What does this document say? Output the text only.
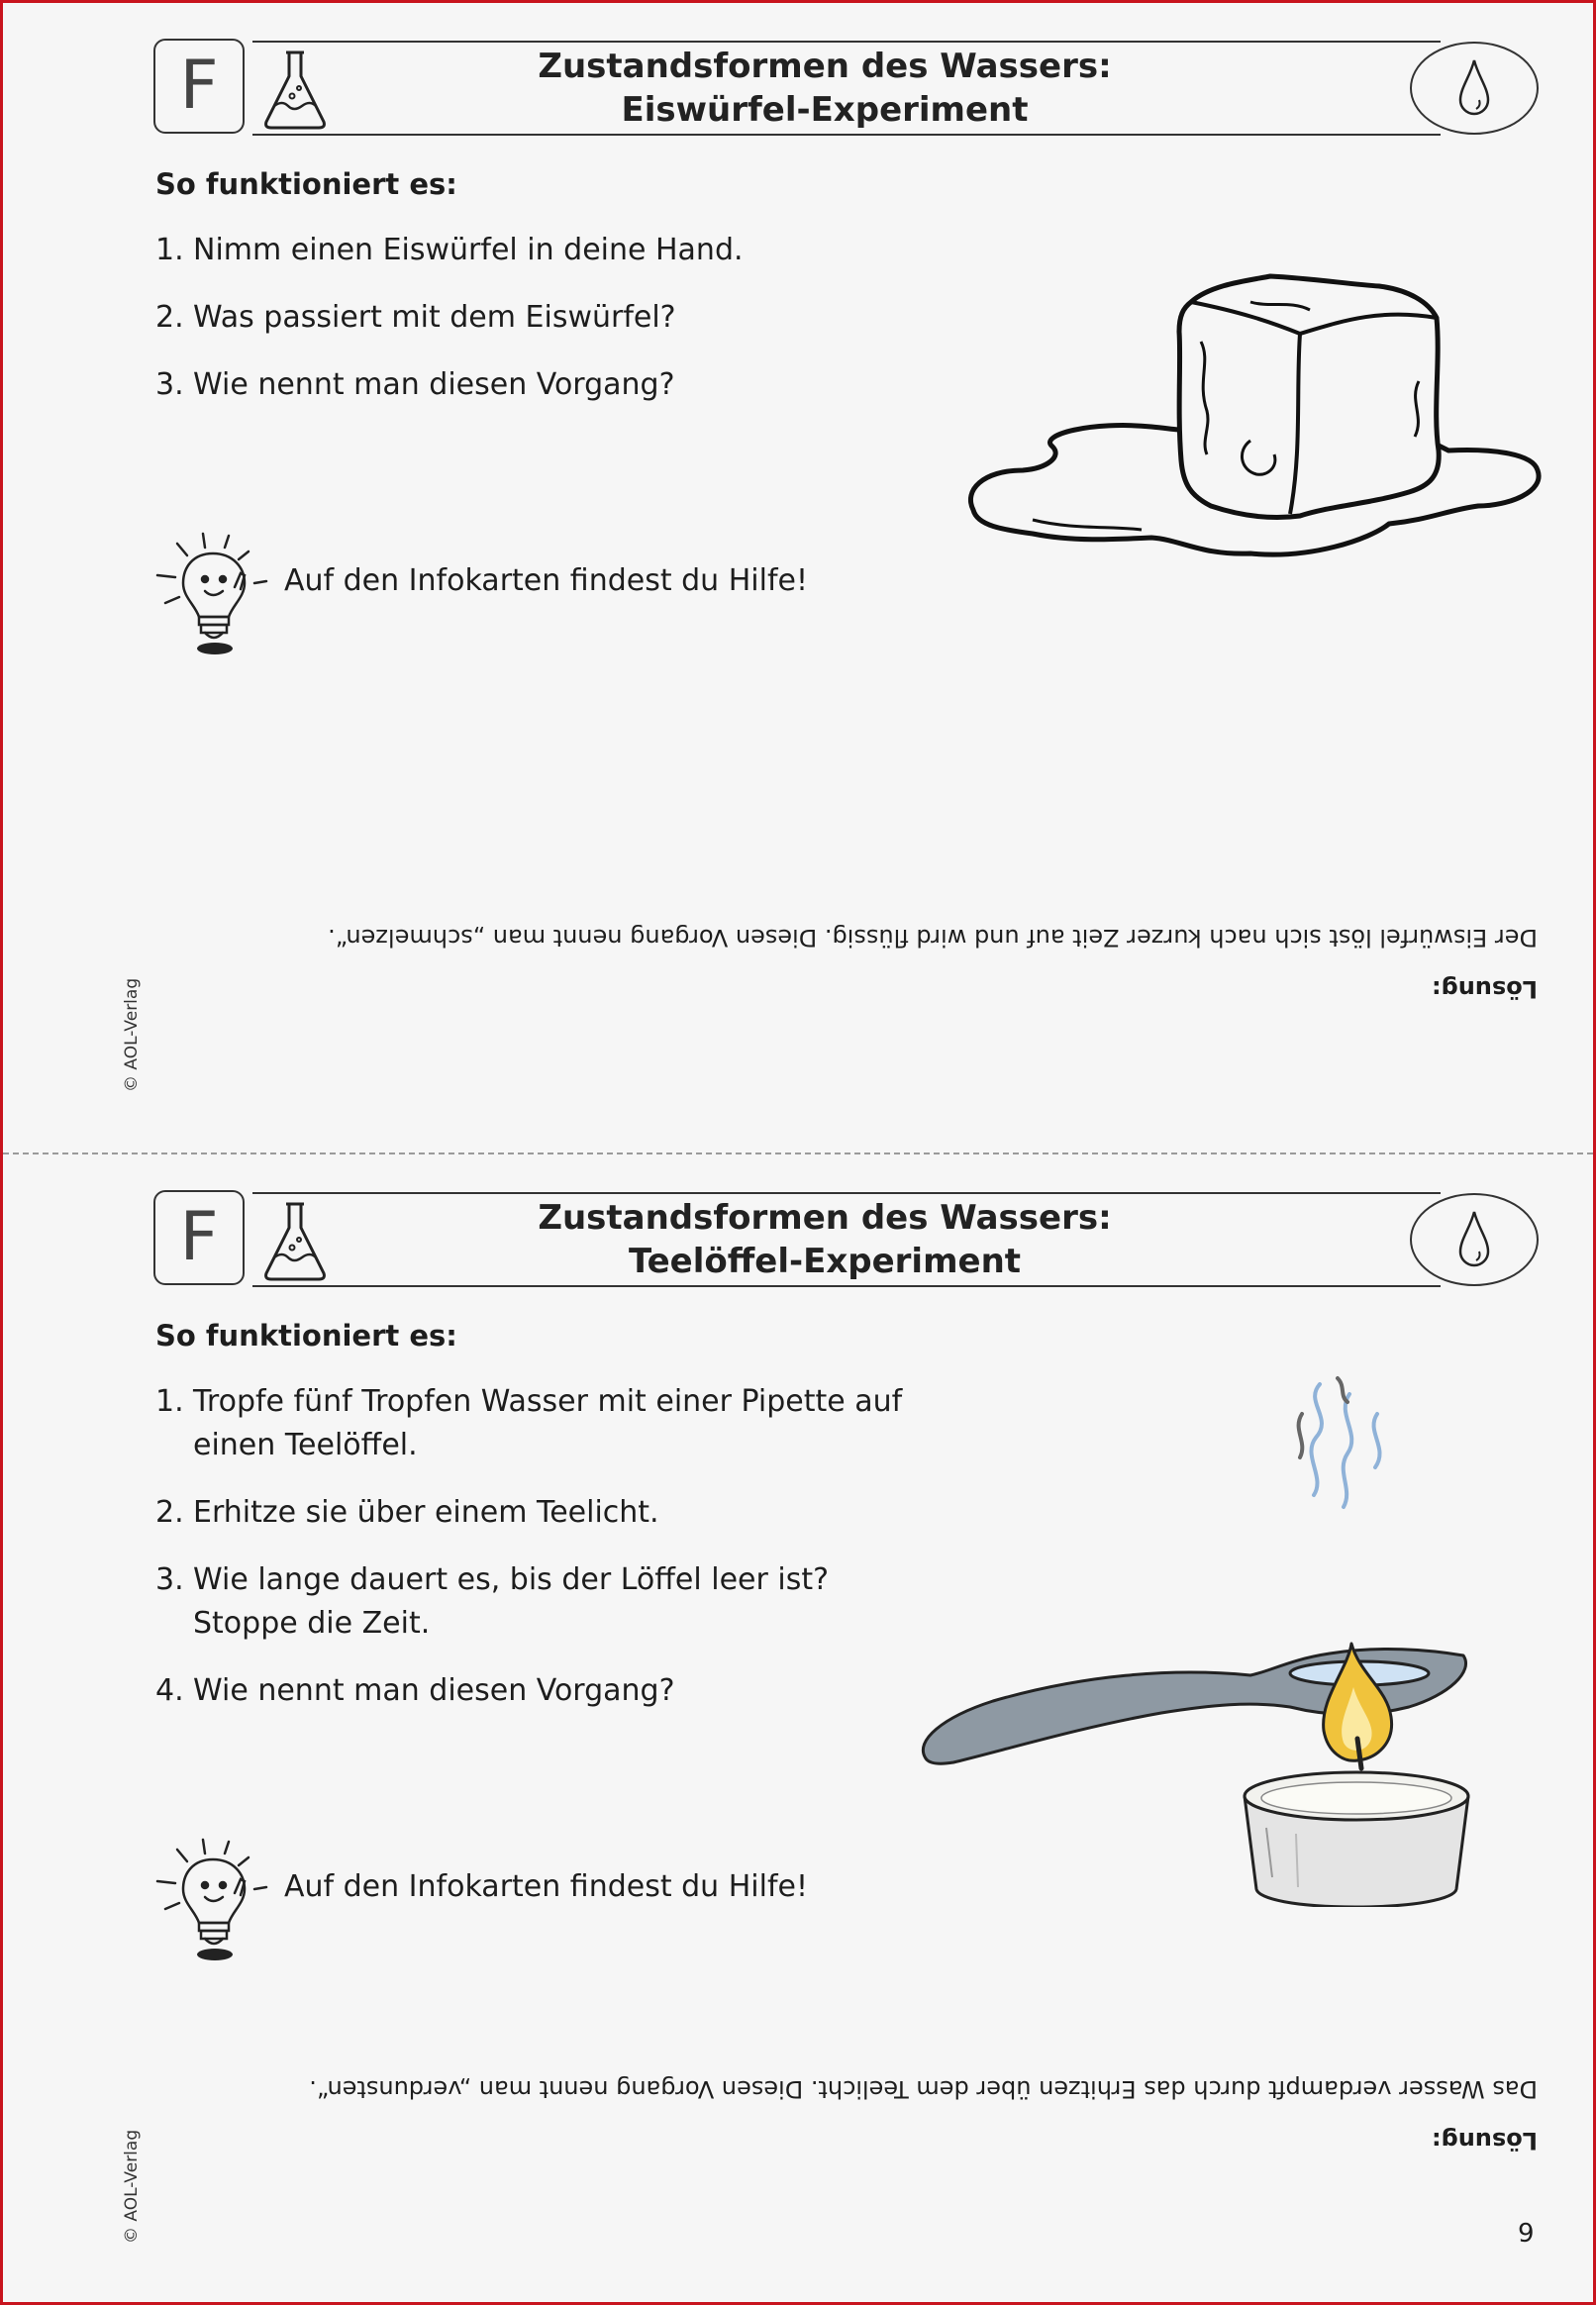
F	Zustandsformen des Wassers:
Eiswürfel-Experiment
So funktioniert es:
1. Nimm einen Eiswürfel in deine Hand.
2. Was passiert mit dem Eiswürfel?
3. Wie nennt man diesen Vorgang?
Auf den Infokarten findest du Hilfe!
Lösung:
Der Eiswürfel löst sich nach kurzer Zeit auf und wird flüssig. Diesen Vorgang nennt man „schmelzen“.
© AOL-Verlag
F	Zustandsformen des Wassers:
Teelöffel-Experiment
So funktioniert es:
1. Tropfe fünf Tropfen Wasser mit einer Pipette auf einen Teelöffel.
2. Erhitze sie über einem Teelicht.
3. Wie lange dauert es, bis der Löffel leer ist? Stoppe die Zeit.
4. Wie nennt man diesen Vorgang?
Auf den Infokarten findest du Hilfe!
Lösung:
Das Wasser verdampft durch das Erhitzen über dem Teelicht. Diesen Vorgang nennt man „verdunsten“.
© AOL-Verlag	9
